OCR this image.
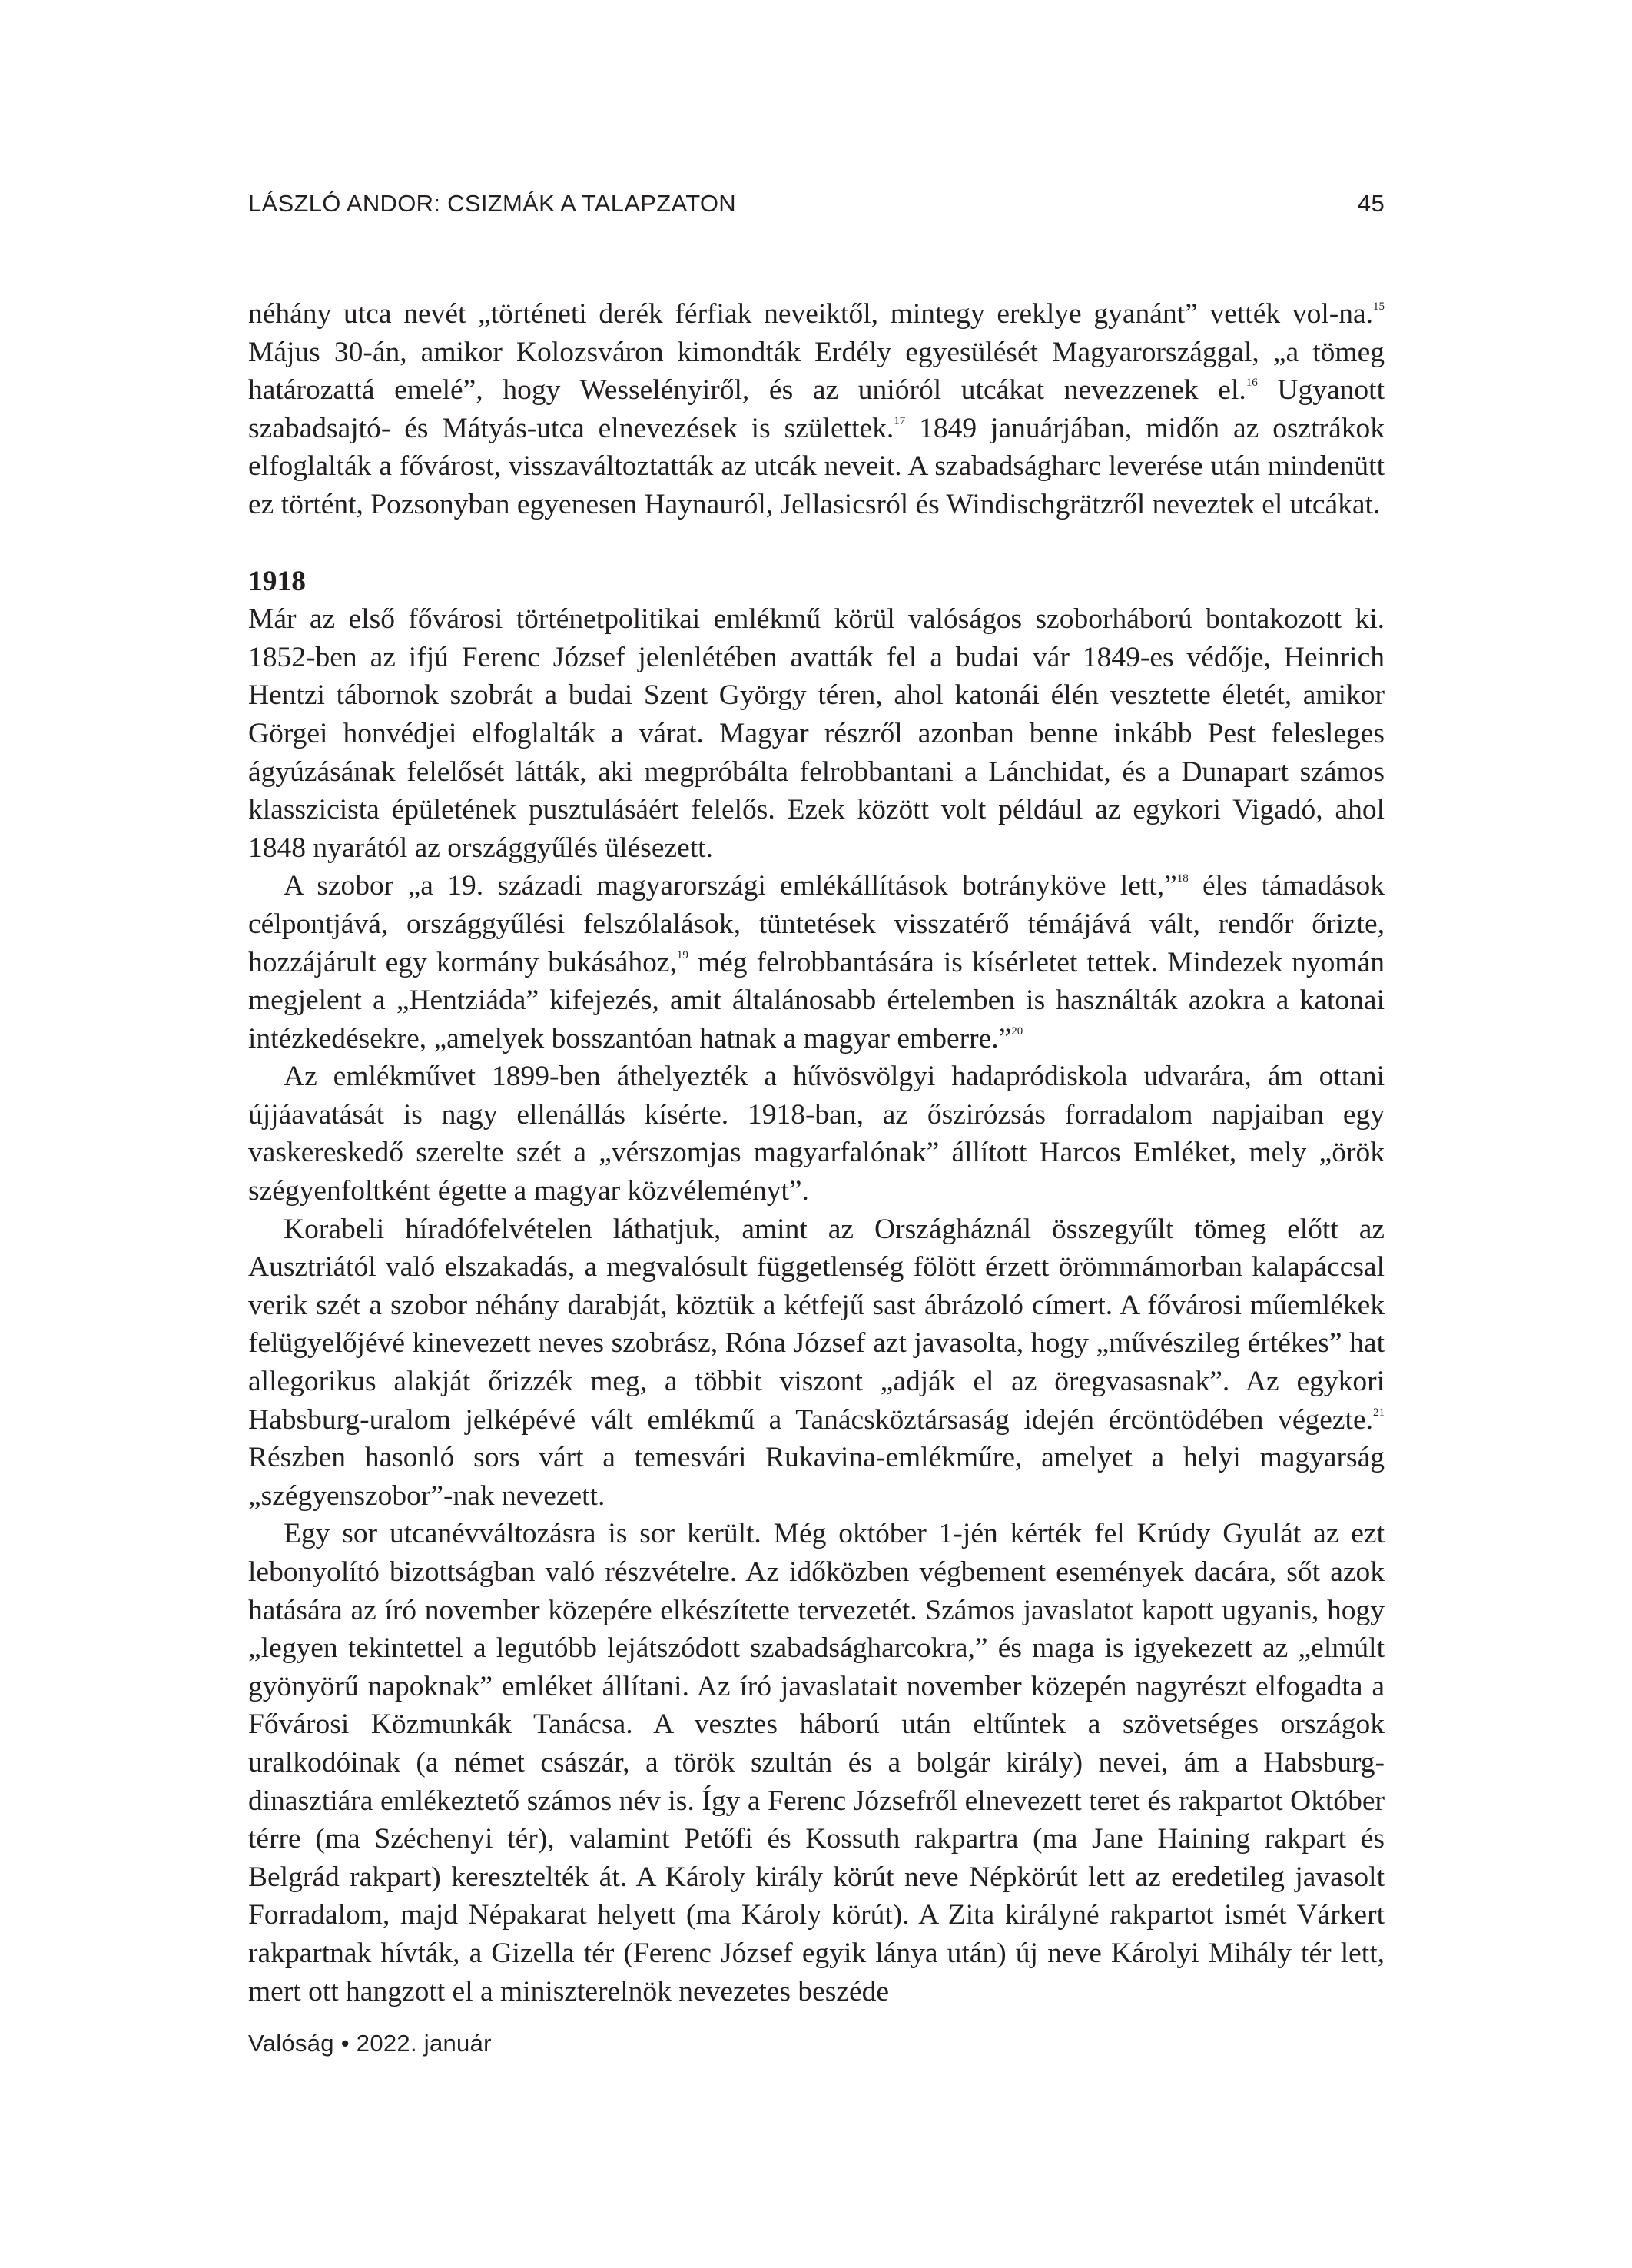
LÁSZLÓ ANDOR: CSIZMÁK A TALAPZATON	45

néhány utca nevét „történeti derék férfiak neveiktől, mintegy ereklye gyanánt” vették vol-na.$^{15}$ Május 30-án, amikor Kolozsváron kimondták Erdély egyesülését Magyarországgal, „a tömeg határozattá emelé”, hogy Wesselényiről, és az unióról utcákat nevezzenek el.$^{16}$ Ugyanott szabadsajtó- és Mátyás-utca elnevezések is születtek.$^{17}$ 1849 januárjában, midőn az osztrákok elfoglalták a fővárost, visszaváltoztatták az utcák neveit. A szabadságharc leverése után mindenütt ez történt, Pozsonyban egyenesen Haynauról, Jellasicsról és Windischgrätzről neveztek el utcákat.

1918

Már az első fővárosi történetpolitikai emlékmű körül valóságos szoborháború bontakozott ki. 1852-ben az ifjú Ferenc József jelenlétében avatták fel a budai vár 1849-es védője, Heinrich Hentzi tábornok szobrát a budai Szent György téren, ahol katonái élén vesztette életét, amikor Görgei honvédjei elfoglalták a várat. Magyar részről azonban benne inkább Pest felesleges ágyúzásának felelősét látták, aki megpróbálta felrobbantani a Lánchidat, és a Dunapart számos klasszicista épületének pusztulásáért felelős. Ezek között volt például az egykori Vigadó, ahol 1848 nyarától az országgyűlés ülésezett.

A szobor „a 19. századi magyarországi emlékállítások botránykövе lett,”$^{18}$ éles támadások célpontjává, országgyűlési felszólalások, tüntetések visszatérő témájává vált, rendőr őrizte, hozzájárult egy kormány bukásához,$^{19}$ még felrobbantására is kísérletet tettek. Mindezek nyomán megjelent a „Hentziáda” kifejezés, amit általánosabb értelemben is használták azokra a katonai intézkedésekre, „amelyek bosszantóan hatnak a magyar emberre.”$^{20}$

Az emlékművet 1899-ben áthelyezték a hűvösvölgyi hadapródiskola udvarára, ám ottani újjáavatását is nagy ellenállás kísérte. 1918-ban, az őszirózsás forradalom napjaiban egy vaskereskedő szerelte szét a „vérszomjas magyarfalónak” állított Harcos Emléket, mely „örök szégyenfoltként égette a magyar közvéleményt”.

Korabeli híradófelvételen láthatjuk, amint az Országháznál összegyűlt tömeg előtt az Ausztriától való elszakadás, a megvalósult függetlenség fölött érzett örömmámorban kalapáccsal verik szét a szobor néhány darabját, köztük a kétfejű sast ábrázoló címert. A fővárosi műemlékek felügyelőjévé kinevezett neves szobrász, Róna József azt javasolta, hogy „művészileg értékes” hat allegorikus alakját őrizzék meg, a többit viszont „adják el az öregvasasnak”. Az egykori Habsburg-uralom jelképévé vált emlékmű a Tanácsköztársaság idején ércöntödében végezte.$^{21}$ Részben hasonló sors várt a temesvári Rukavina-emlékműre, amelyet a helyi magyarság „szégyenszobor”-nak nevezett.

Egy sor utcanévváltozásra is sor került. Még október 1-jén kérték fel Krúdy Gyulát az ezt lebonyolító bizottságban való részvételre. Az időközben végbement események dacára, sőt azok hatására az író november közepére elkészítette tervezetét. Számos javaslatot kapott ugyanis, hogy „legyen tekintettel a legutóbb lejátszódott szabadságharcokra,” és maga is igyekezett az „elmúlt gyönyörű napoknak” emléket állítani. Az író javaslatait november közepén nagyrészt elfogadta a Fővárosi Közmunkák Tanácsa. A vesztes háború után eltűntek a szövetséges országok uralkodóinak (a német császár, a török szultán és a bolgár király) nevei, ám a Habsburg-dinasztiára emlékeztető számos név is. Így a Ferenc Józsefről elnevezett teret és rakpartot Október térre (ma Széchenyi tér), valamint Petőfi és Kossuth rakpartra (ma Jane Haining rakpart és Belgrád rakpart) keresztelték át. A Károly király körút neve Népkörút lett az eredetileg javasolt Forradalom, majd Népakarat helyett (ma Károly körút). A Zita királyné rakpartot ismét Várkert rakpartnak hívták, a Gizella tér (Ferenc József egyik lánya után) új neve Károlyi Mihály tér lett, mert ott hangzott el a miniszterelnök nevezetes beszéde

Valóság • 2022. január
